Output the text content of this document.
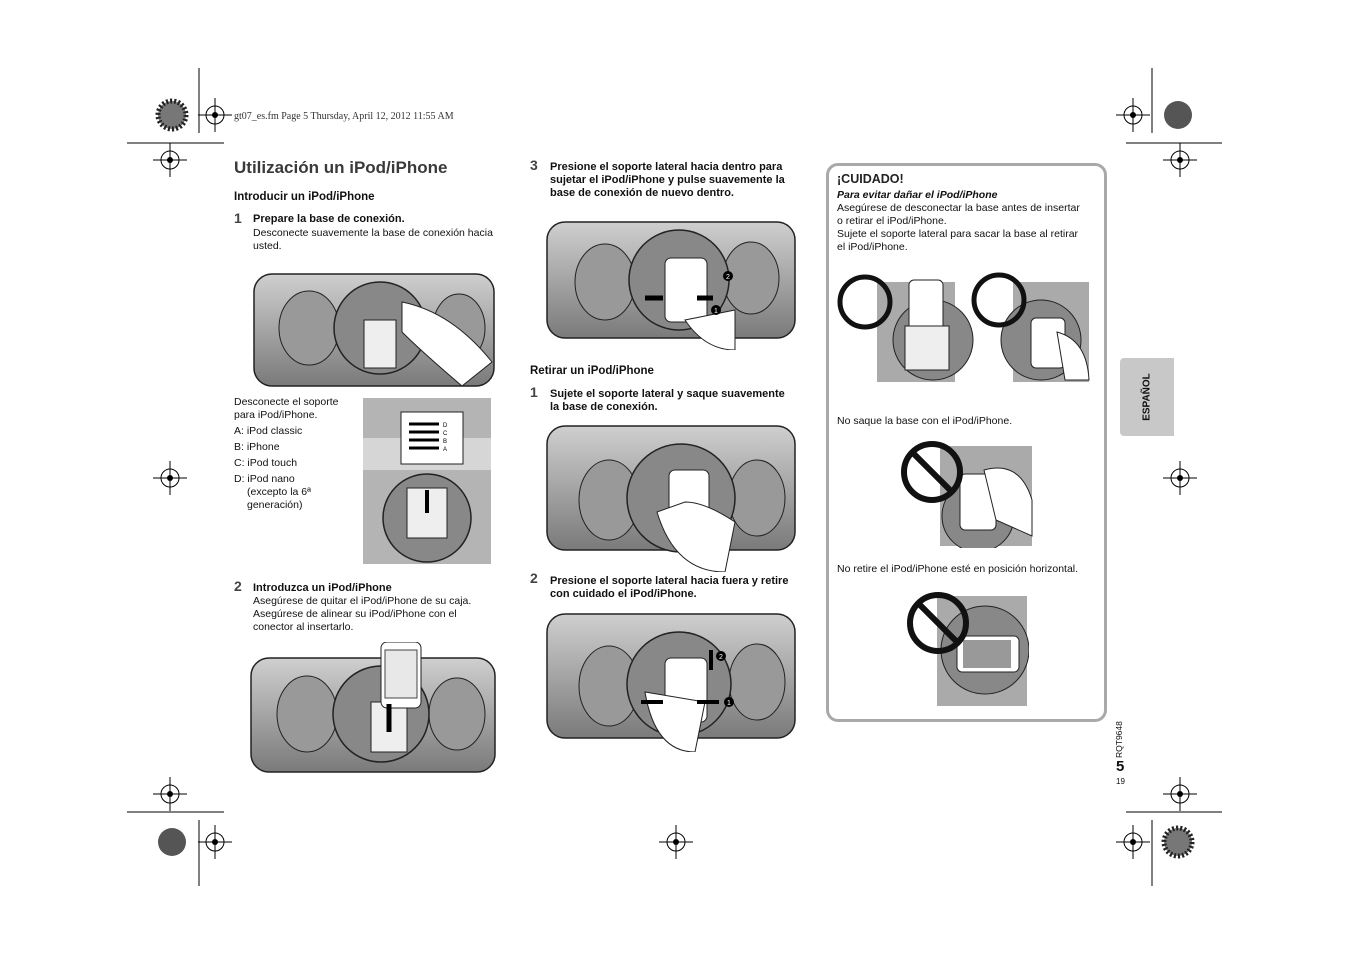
gt07_es.fm Page 5 Thursday, April 12, 2012 11:55 AM
Utilización un iPod/iPhone
Introducir un iPod/iPhone
1 Prepare la base de conexión.
Desconecte suavemente la base de conexión hacia
usted.
Desconecte el soporte
para iPod/iPhone.
A: iPod classic
B: iPhone
C: iPod touch
D: iPod nano
(excepto la 6ª
generación)
D
C
B
A
2 Introduzca un iPod/iPhone
Asegúrese de quitar el iPod/iPhone de su caja.
Asegúrese de alinear su iPod/iPhone con el
conector al insertarlo.
3 Presione el soporte lateral hacia dentro para
sujetar el iPod/iPhone y pulse suavemente la
base de conexión de nuevo dentro.
1
2
Retirar un iPod/iPhone
1 Sujete el soporte lateral y saque suavemente
la base de conexión.
2 Presione el soporte lateral hacia fuera y retire
con cuidado el iPod/iPhone.
1
2
¡CUIDADO!
Para evitar dañar el iPod/iPhone
Asegúrese de desconectar la base antes de insertar
o retirar el iPod/iPhone.
Sujete el soporte lateral para sacar la base al retirar
el iPod/iPhone.
No saque la base con el iPod/iPhone.
No retire el iPod/iPhone esté en posición horizontal.
ESPAÑOL
RQT9648
5
19
